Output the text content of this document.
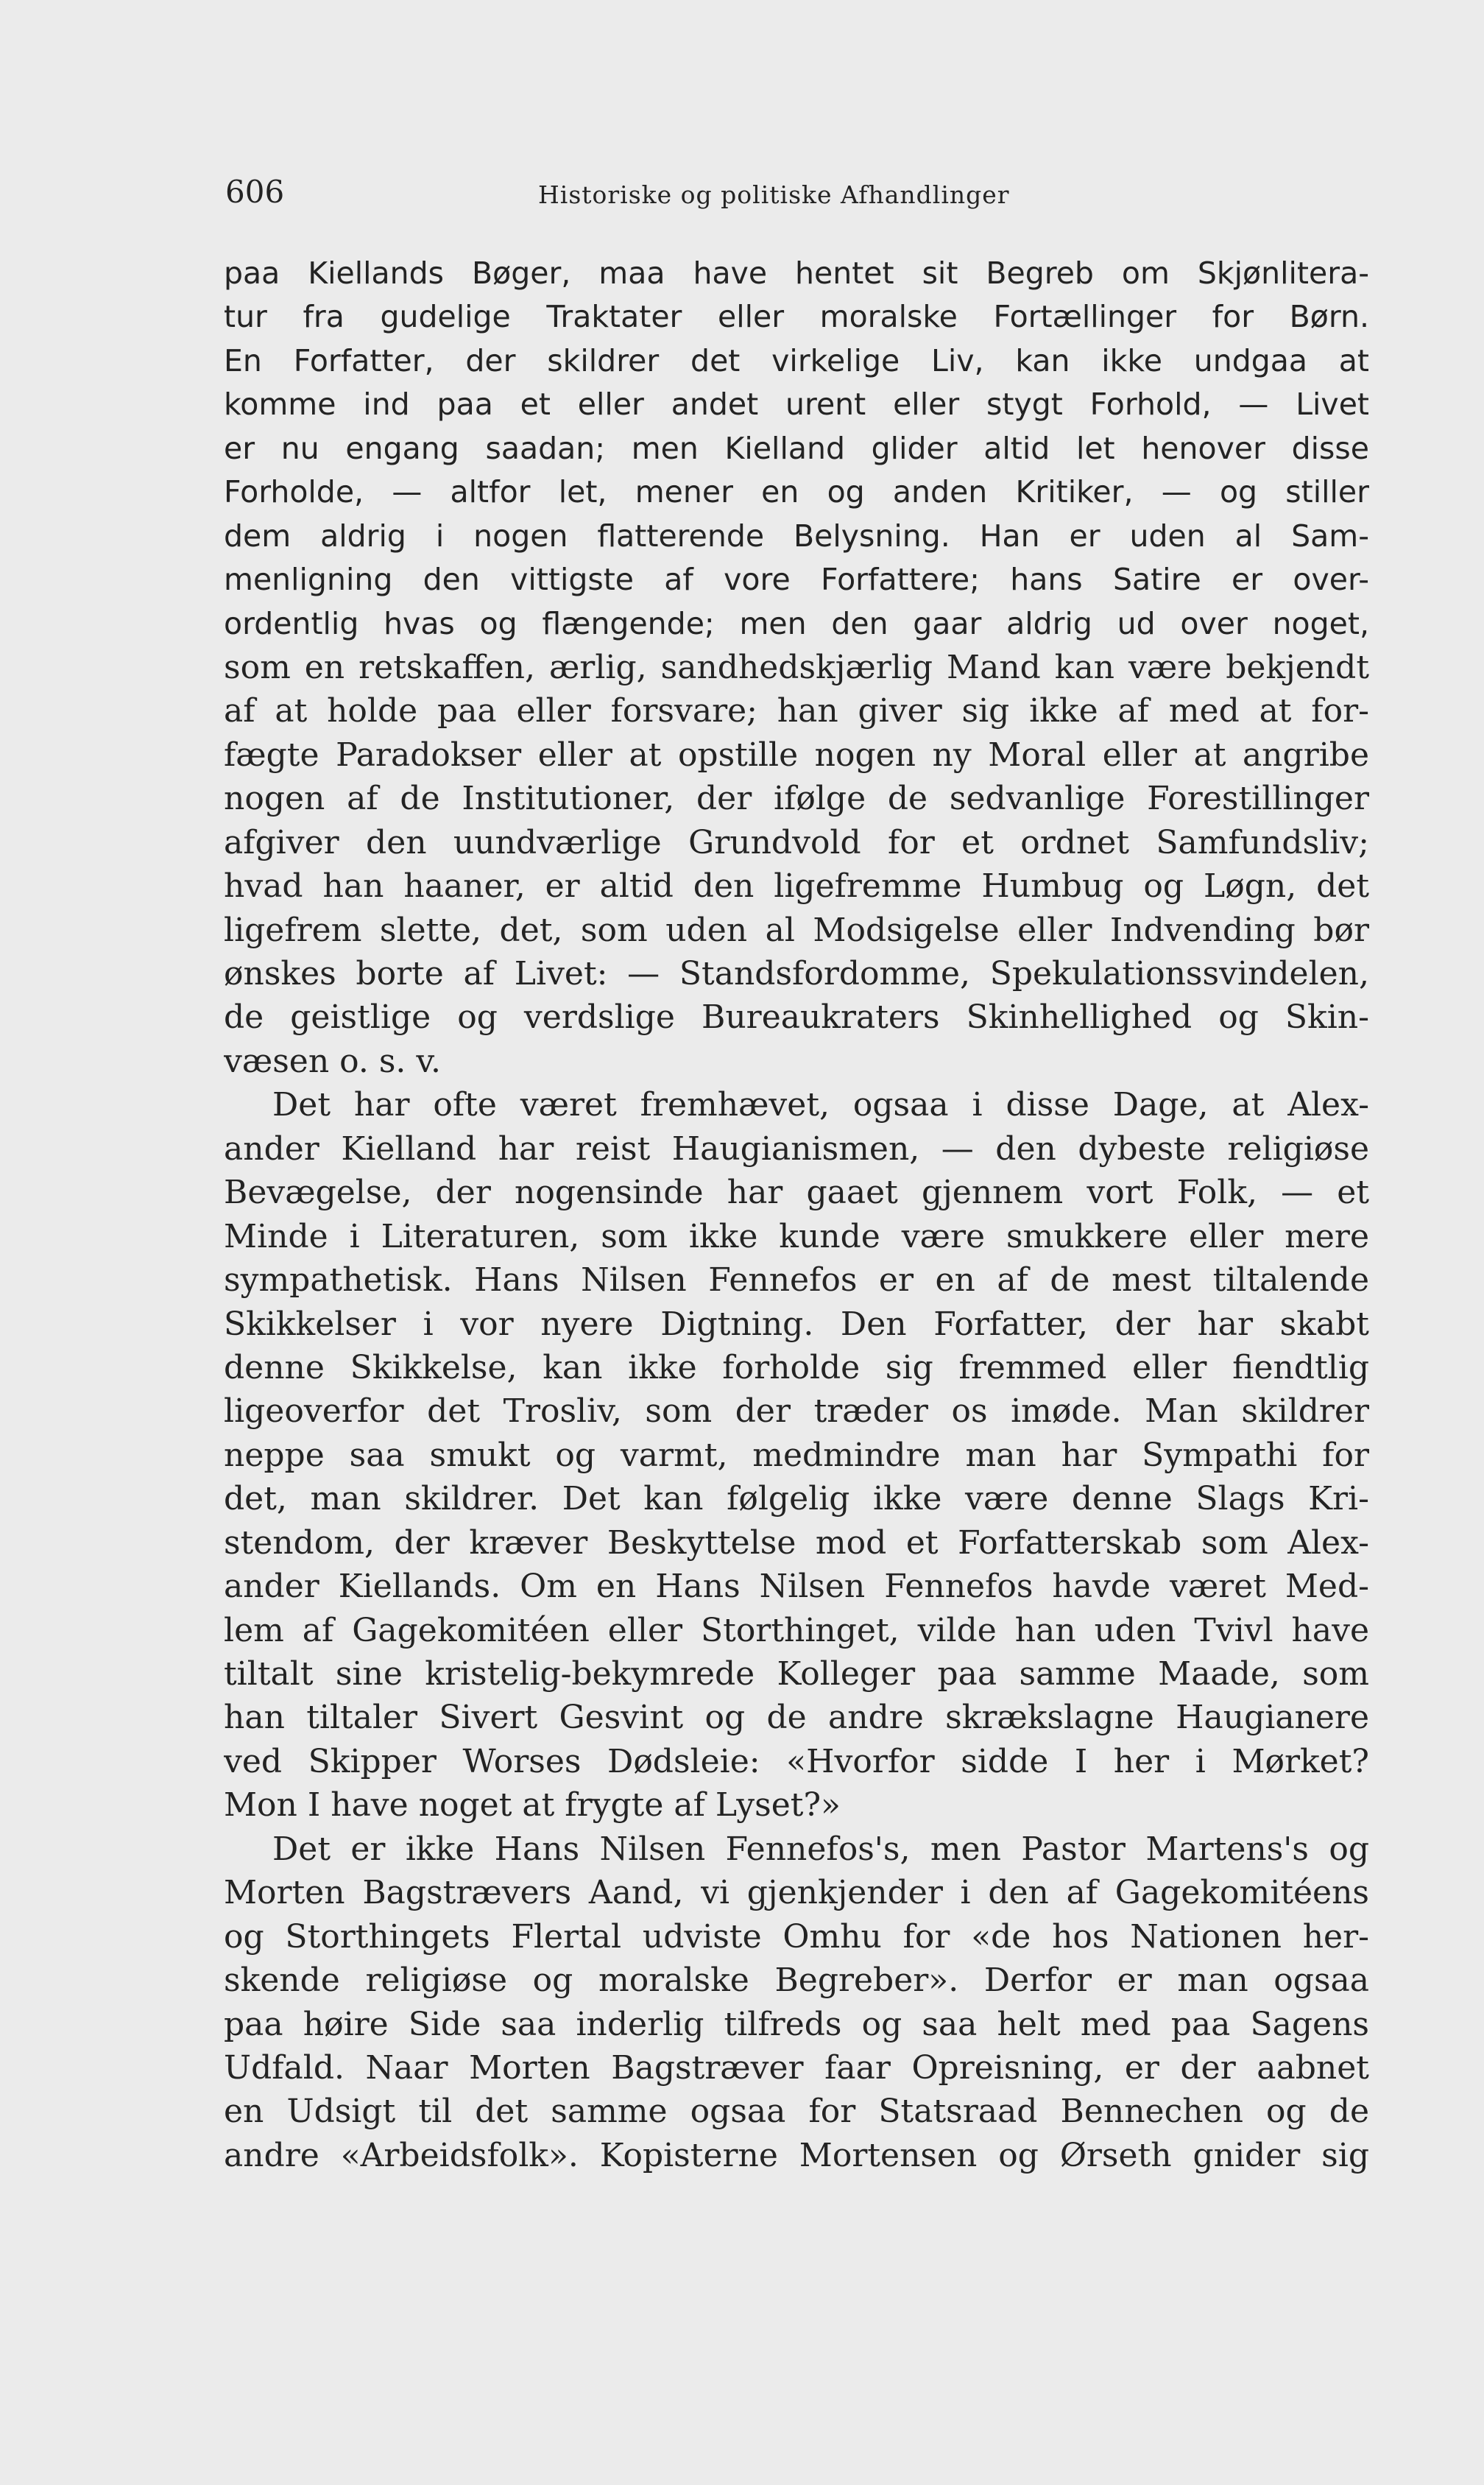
606	Historiske og politiske Afhandlinger
paa Kiellands Bøger, maa have hentet sit Begreb om Skjønlitera-
tur fra gudelige Traktater eller moralske Fortællinger for Børn.
En Forfatter, der skildrer det virkelige Liv, kan ikke undgaa at
komme ind paa et eller andet urent eller stygt Forhold, — Livet
er nu engang saadan; men Kielland glider altid let henover disse
Forholde, — altfor let, mener en og anden Kritiker, — og stiller
dem aldrig i nogen flatterende Belysning. Han er uden al Sam-
menligning den vittigste af vore Forfattere; hans Satire er over-
ordentlig hvas og flængende; men den gaar aldrig ud over noget,
som en retskaffen, ærlig, sandhedskjærlig Mand kan være bekjendt
af at holde paa eller forsvare; han giver sig ikke af med at for-
fægte Paradokser eller at opstille nogen ny Moral eller at angribe
nogen af de Institutioner, der ifølge de sedvanlige Forestillinger
afgiver den uundværlige Grundvold for et ordnet Samfundsliv;
hvad han haaner, er altid den ligefremme Humbug og Løgn, det
ligefrem slette, det, som uden al Modsigelse eller Indvending bør
ønskes borte af Livet: — Standsfordomme, Spekulationssvindelen,
de geistlige og verdslige Bureaukraters Skinhellighed og Skin-
væsen o. s. v.
Det har ofte været fremhævet, ogsaa i disse Dage, at Alex-
ander Kielland har reist Haugianismen, — den dybeste religiøse
Bevægelse, der nogensinde har gaaet gjennem vort Folk, — et
Minde i Literaturen, som ikke kunde være smukkere eller mere
sympathetisk. Hans Nilsen Fennefos er en af de mest tiltalende
Skikkelser i vor nyere Digtning. Den Forfatter, der har skabt
denne Skikkelse, kan ikke forholde sig fremmed eller fiendtlig
ligeoverfor det Trosliv, som der træder os imøde. Man skildrer
neppe saa smukt og varmt, medmindre man har Sympathi for
det, man skildrer. Det kan følgelig ikke være denne Slags Kri-
stendom, der kræver Beskyttelse mod et Forfatterskab som Alex-
ander Kiellands. Om en Hans Nilsen Fennefos havde været Med-
lem af Gagekomitéen eller Storthinget, vilde han uden Tvivl have
tiltalt sine kristelig-bekymrede Kolleger paa samme Maade, som
han tiltaler Sivert Gesvint og de andre skrækslagne Haugianere
ved Skipper Worses Dødsleie: «Hvorfor sidde I her i Mørket?
Mon I have noget at frygte af Lyset?»
Det er ikke Hans Nilsen Fennefos's, men Pastor Martens's og
Morten Bagstrævers Aand, vi gjenkjender i den af Gagekomitéens
og Storthingets Flertal udviste Omhu for «de hos Nationen her-
skende religiøse og moralske Begreber». Derfor er man ogsaa
paa høire Side saa inderlig tilfreds og saa helt med paa Sagens
Udfald. Naar Morten Bagstræver faar Opreisning, er der aabnet
en Udsigt til det samme ogsaa for Statsraad Bennechen og de
andre «Arbeidsfolk». Kopisterne Mortensen og Ørseth gnider sig
